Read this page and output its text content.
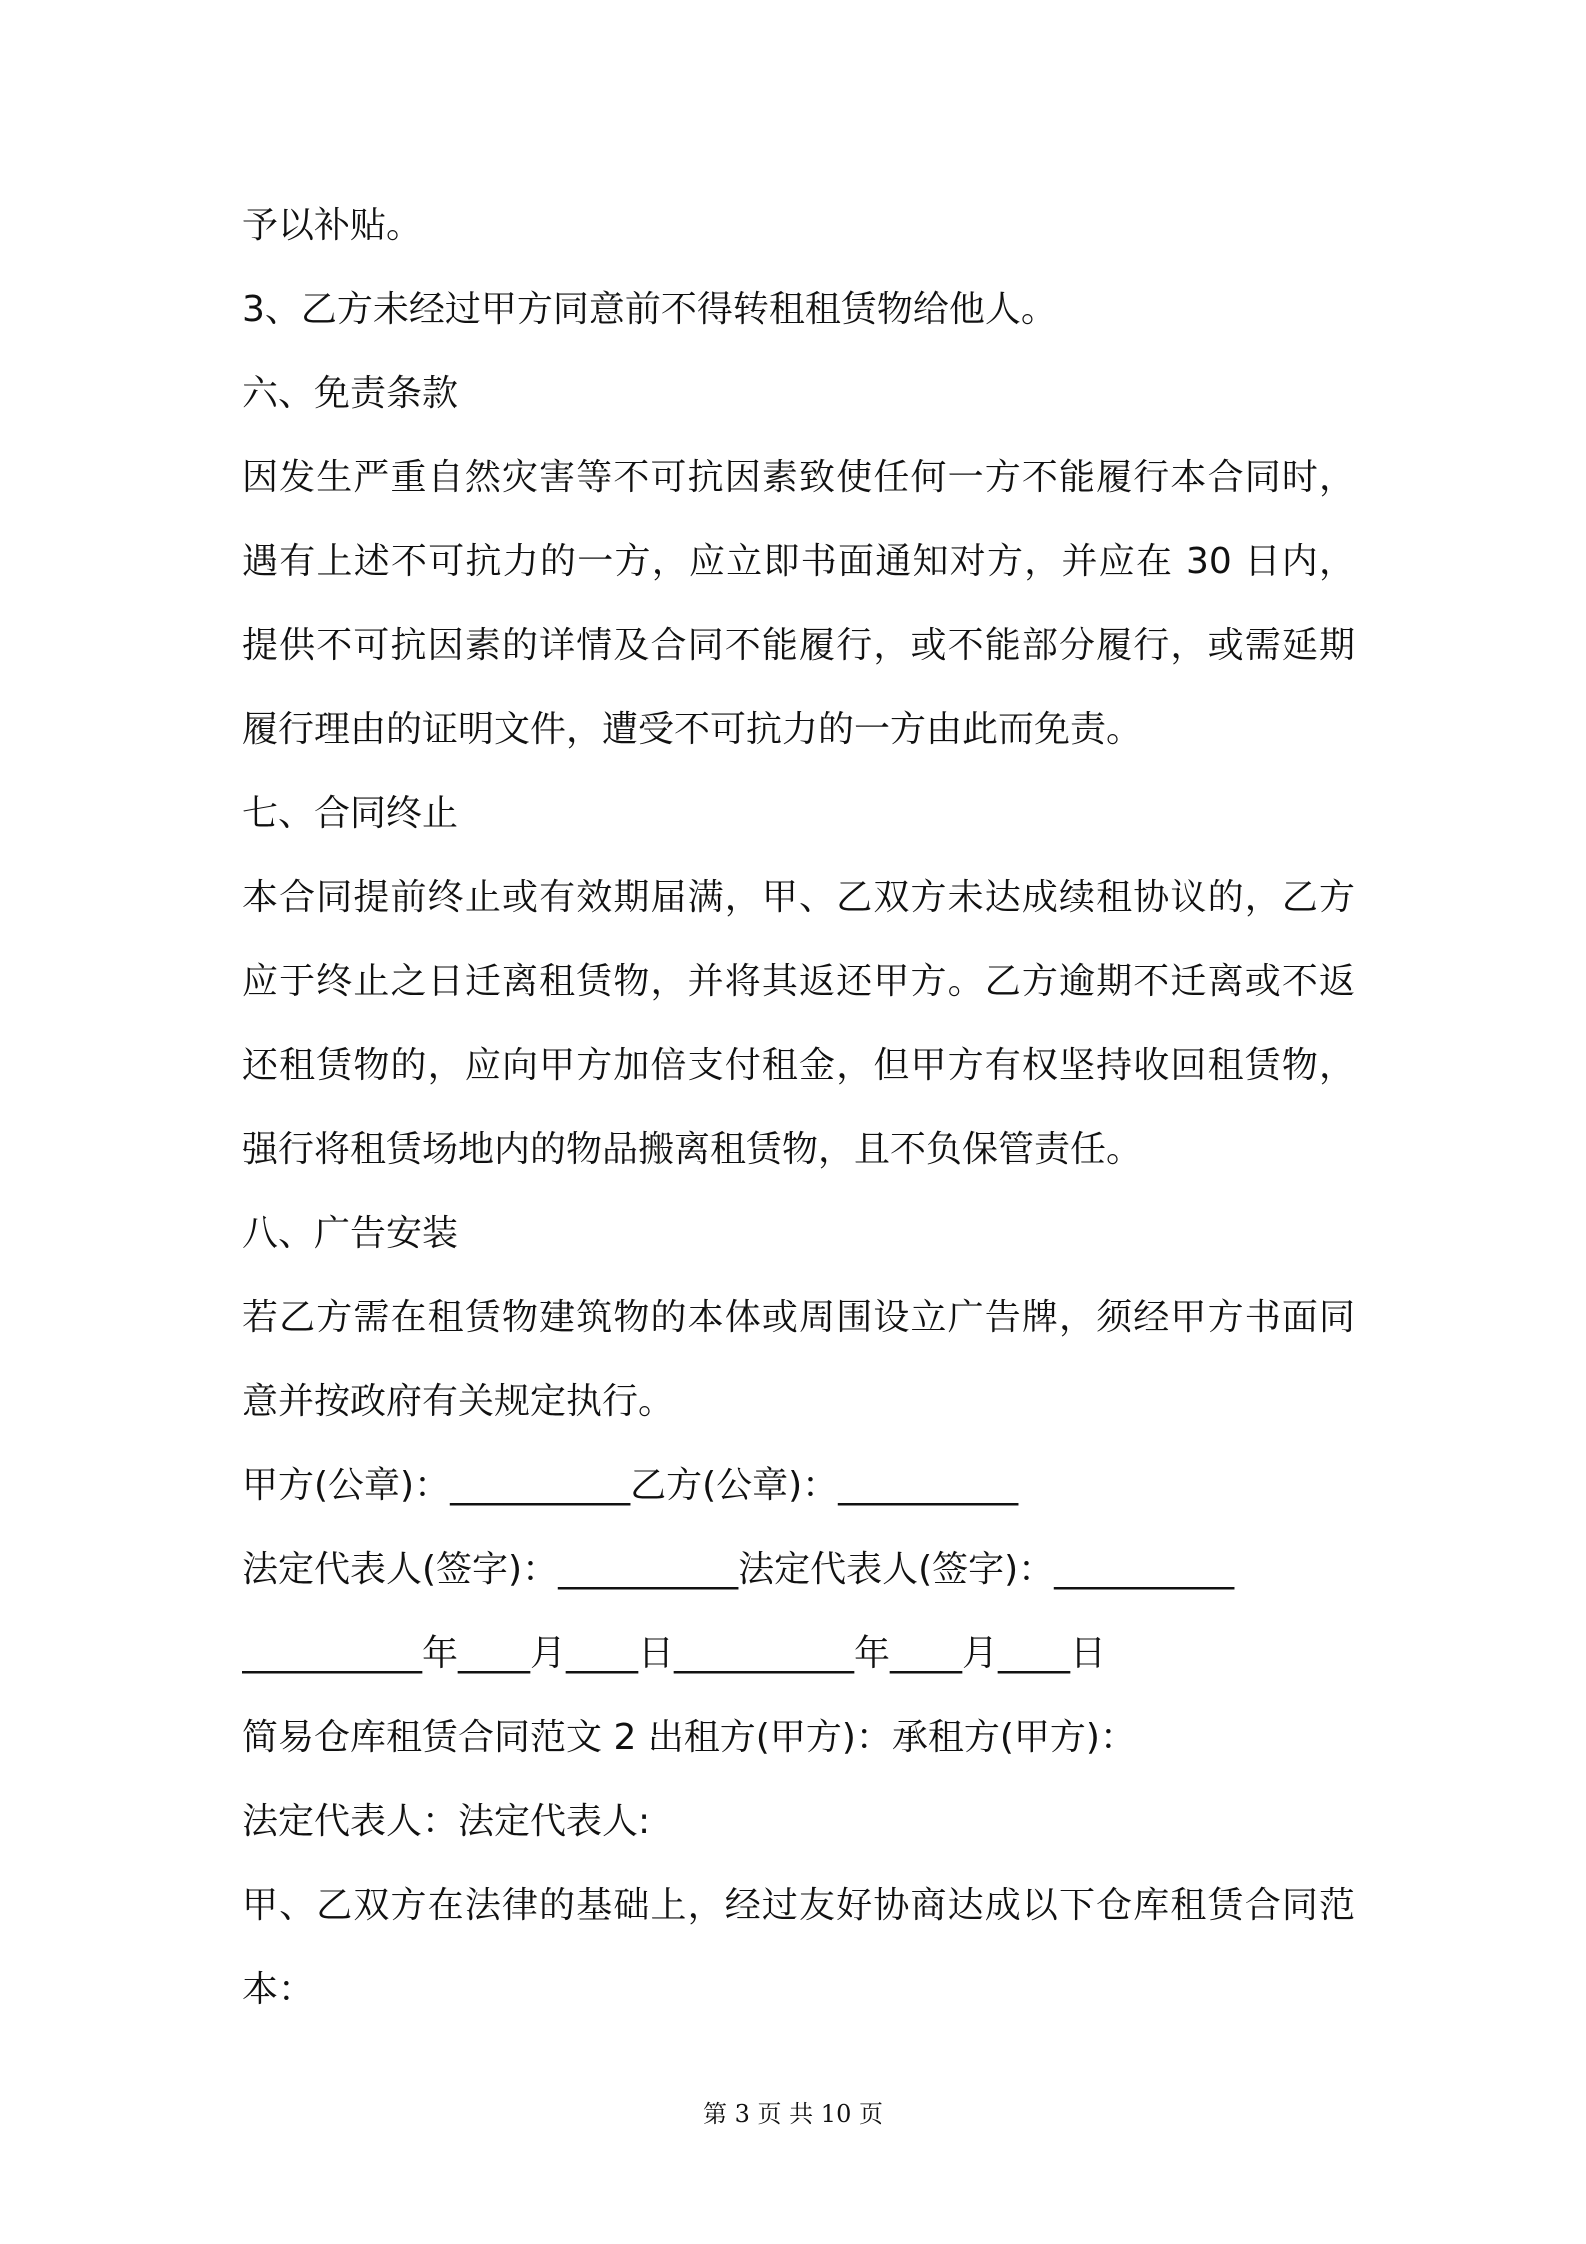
予以补贴。
3、乙方未经过甲方同意前不得转租租赁物给他人。
六、免责条款
因发生严重自然灾害等不可抗因素致使任何一方不能履行本合同时，
遇有上述不可抗力的一方，应立即书面通知对方，并应在 30 日内，
提供不可抗因素的详情及合同不能履行，或不能部分履行，或需延期
履行理由的证明文件，遭受不可抗力的一方由此而免责。
七、合同终止
本合同提前终止或有效期届满，甲、乙双方未达成续租协议的，乙方
应于终止之日迁离租赁物，并将其返还甲方。乙方逾期不迁离或不返
还租赁物的，应向甲方加倍支付租金，但甲方有权坚持收回租赁物，
强行将租赁场地内的物品搬离租赁物，且不负保管责任。
八、广告安装
若乙方需在租赁物建筑物的本体或周围设立广告牌，须经甲方书面同
意并按政府有关规定执行。
甲方(公章)：__________乙方(公章)：__________
法定代表人(签字)：__________法定代表人(签字)：__________
__________年____月____日__________年____月____日
简易仓库租赁合同范文 2 出租方(甲方)：承租方(甲方)：
法定代表人：法定代表人:
甲、乙双方在法律的基础上，经过友好协商达成以下仓库租赁合同范
本：
第 3 页 共 10 页
